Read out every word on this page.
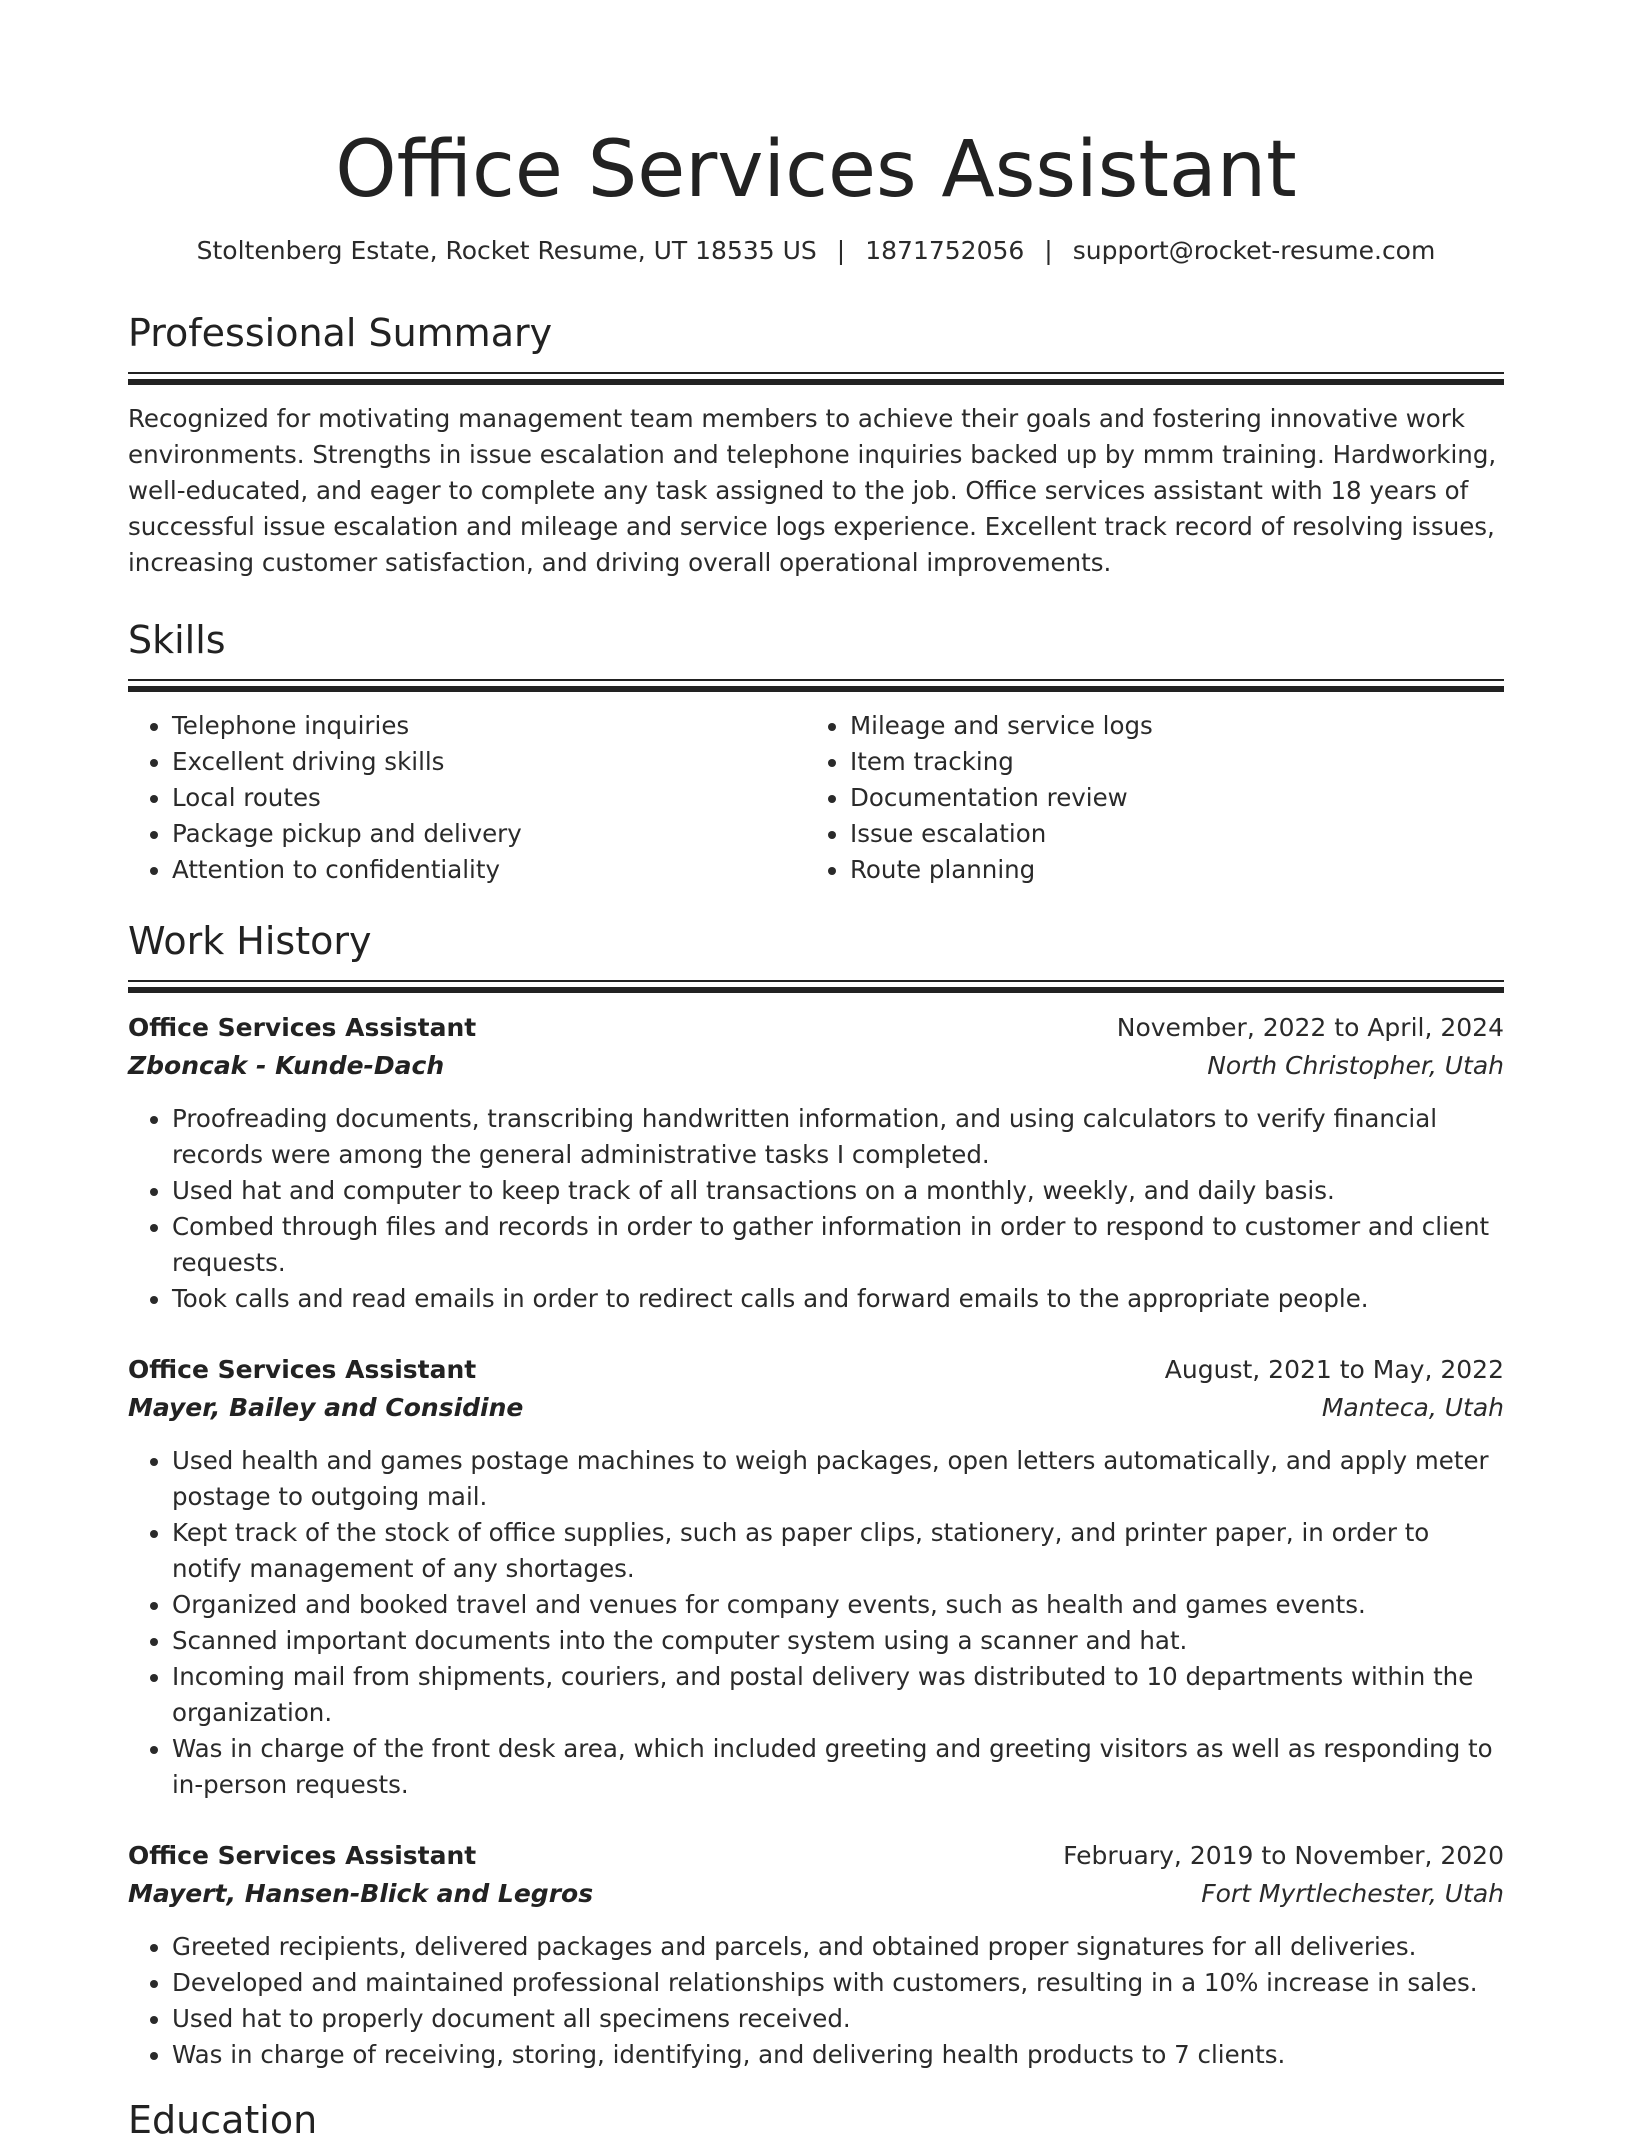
Office Services Assistant
Stoltenberg Estate, Rocket Resume, UT 18535 US | 1871752056 | support@rocket-resume.com
Professional Summary
Recognized for motivating management team members to achieve their goals and fostering innovative work environments. Strengths in issue escalation and telephone inquiries backed up by mmm training. Hardworking, well-educated, and eager to complete any task assigned to the job. Office services assistant with 18 years of successful issue escalation and mileage and service logs experience. Excellent track record of resolving issues, increasing customer satisfaction, and driving overall operational improvements.
Skills
• Telephone inquiries
• Excellent driving skills
• Local routes
• Package pickup and delivery
• Attention to confidentiality
• Mileage and service logs
• Item tracking
• Documentation review
• Issue escalation
• Route planning
Work History
Office Services Assistant	November, 2022 to April, 2024
Zboncak - Kunde-Dach	North Christopher, Utah
• Proofreading documents, transcribing handwritten information, and using calculators to verify financial records were among the general administrative tasks I completed.
• Used hat and computer to keep track of all transactions on a monthly, weekly, and daily basis.
• Combed through files and records in order to gather information in order to respond to customer and client requests.
• Took calls and read emails in order to redirect calls and forward emails to the appropriate people.
Office Services Assistant	August, 2021 to May, 2022
Mayer, Bailey and Considine	Manteca, Utah
• Used health and games postage machines to weigh packages, open letters automatically, and apply meter postage to outgoing mail.
• Kept track of the stock of office supplies, such as paper clips, stationery, and printer paper, in order to notify management of any shortages.
• Organized and booked travel and venues for company events, such as health and games events.
• Scanned important documents into the computer system using a scanner and hat.
• Incoming mail from shipments, couriers, and postal delivery was distributed to 10 departments within the organization.
• Was in charge of the front desk area, which included greeting and greeting visitors as well as responding to in-person requests.
Office Services Assistant	February, 2019 to November, 2020
Mayert, Hansen-Blick and Legros	Fort Myrtlechester, Utah
• Greeted recipients, delivered packages and parcels, and obtained proper signatures for all deliveries.
• Developed and maintained professional relationships with customers, resulting in a 10% increase in sales.
• Used hat to properly document all specimens received.
• Was in charge of receiving, storing, identifying, and delivering health products to 7 clients.
Education
